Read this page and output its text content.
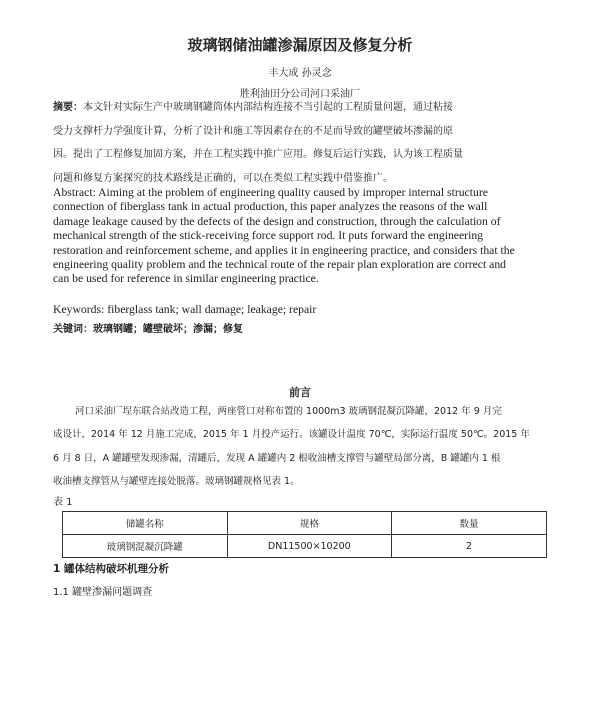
玻璃钢储油罐渗漏原因及修复分析
丰大成 孙灵念
胜利油田分公司河口采油厂
摘要：本文针对实际生产中玻璃钢罐筒体内部结构连接不当引起的工程质量问题，通过粘接
受力支撑杆力学强度计算，分析了设计和施工等因素存在的不足而导致的罐壁破坏渗漏的原
因。提出了工程修复加固方案，并在工程实践中推广应用。修复后运行实践，认为该工程质量
问题和修复方案探究的技术路线是正确的，可以在类似工程实践中借鉴推广。
Abstract: Aiming at the problem of engineering quality caused by improper internal structure
connection of fiberglass tank in actual production, this paper analyzes the reasons of the wall
damage leakage caused by the defects of the design and construction, through the calculation of
mechanical strength of the stick-receiving force support rod. It puts forward the engineering
restoration and reinforcement scheme, and applies it in engineering practice, and considers that the
engineering quality problem and the technical route of the repair plan exploration are correct and
can be used for reference in similar engineering practice.
Keywords: fiberglass tank; wall damage; leakage; repair
关键词：玻璃钢罐；罐壁破坏；渗漏；修复
前言
河口采油厂埕东联合站改造工程，两座管口对称布置的 1000m3 玻璃钢混凝沉降罐，2012 年 9 月完
成设计，2014 年 12 月施工完成，2015 年 1 月投产运行。该罐设计温度 70℃，实际运行温度 50℃。2015 年
6 月 8 日，A 罐罐壁发现渗漏，清罐后，发现 A 罐罐内 2 根收油槽支撑管与罐壁局部分离，B 罐罐内 1 根
收油槽支撑管从与罐壁连接处脱落。玻璃钢罐规格见表 1。
表 1
储罐名称	规格	数量
玻璃钢混凝沉降罐	DN11500×10200	2
1 罐体结构破坏机理分析
1.1 罐壁渗漏问题调查
